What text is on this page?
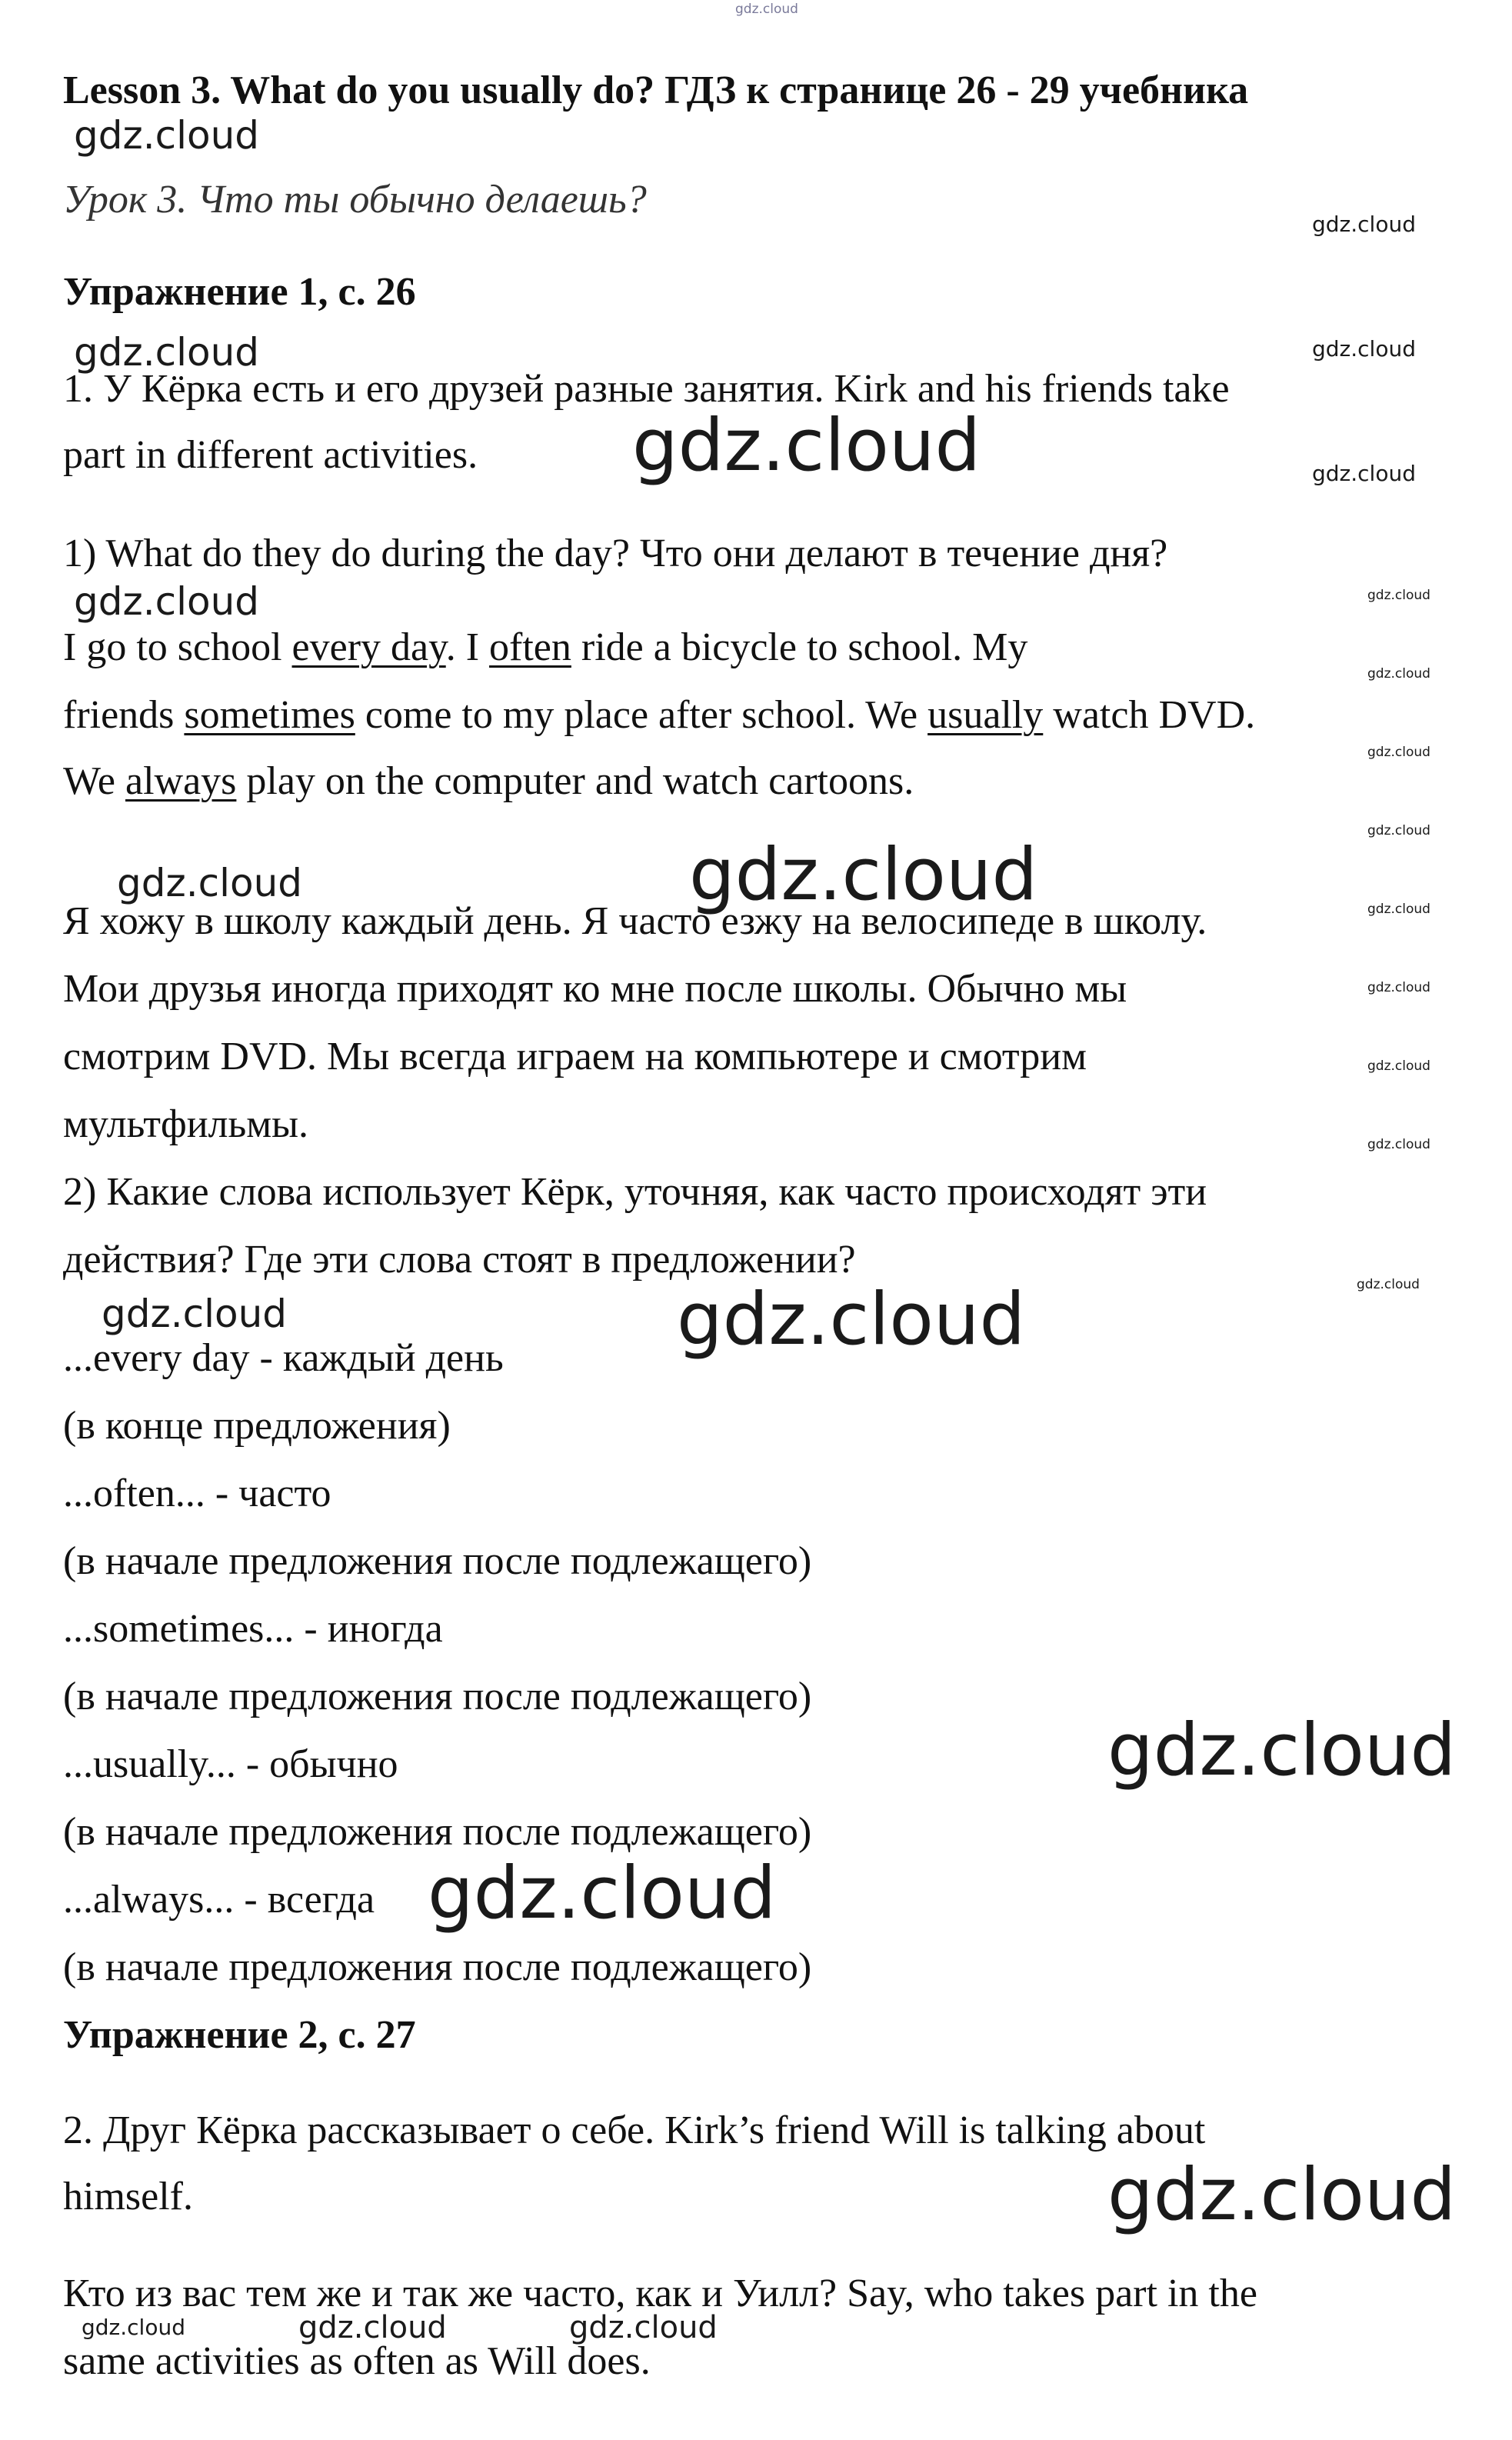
Lesson 3. What do you usually do? ГДЗ к странице 26 - 29 учебника
Урок 3. Что ты обычно делаешь?
Упражнение 1, с. 26
1. У Кёрка есть и его друзей разные занятия. Kirk and his friends take
part in different activities.
1) What do they do during the day? Что они делают в течение дня?
I go to school every day. I often ride a bicycle to school. My
friends sometimes come to my place after school. We usually watch DVD.
We always play on the computer and watch cartoons.
Я хожу в школу каждый день. Я часто езжу на велосипеде в школу.
Мои друзья иногда приходят ко мне после школы. Обычно мы
смотрим DVD. Мы всегда играем на компьютере и смотрим
мультфильмы.
2) Какие слова использует Кёрк, уточняя, как часто происходят эти
действия? Где эти слова стоят в предложении?
...every day - каждый день
(в конце предложения)
...often... - часто
(в начале предложения после подлежащего)
...sometimes... - иногда
(в начале предложения после подлежащего)
...usually... - обычно
(в начале предложения после подлежащего)
...always... - всегда
(в начале предложения после подлежащего)
Упражнение 2, с. 27
2. Друг Кёрка рассказывает о себе. Kirk’s friend Will is talking about
himself.
Кто из вас тем же и так же часто, как и Уилл? Say, who takes part in the
same activities as often as Will does.
gdz.cloud
gdz.cloud
gdz.cloud
gdz.cloud	gdz.cloud
gdz.cloud	gdz.cloud
gdz.cloud	gdz.cloud
gdz.cloud
gdz.cloud
gdz.cloud
gdz.cloud	gdz.cloud	gdz.cloud
gdz.cloud
gdz.cloud
gdz.cloud
gdz.cloud
gdz.cloud	gdz.cloud
gdz.cloud
gdz.cloud
gdz.cloud
gdz.cloud	gdz.cloud	gdz.cloud
